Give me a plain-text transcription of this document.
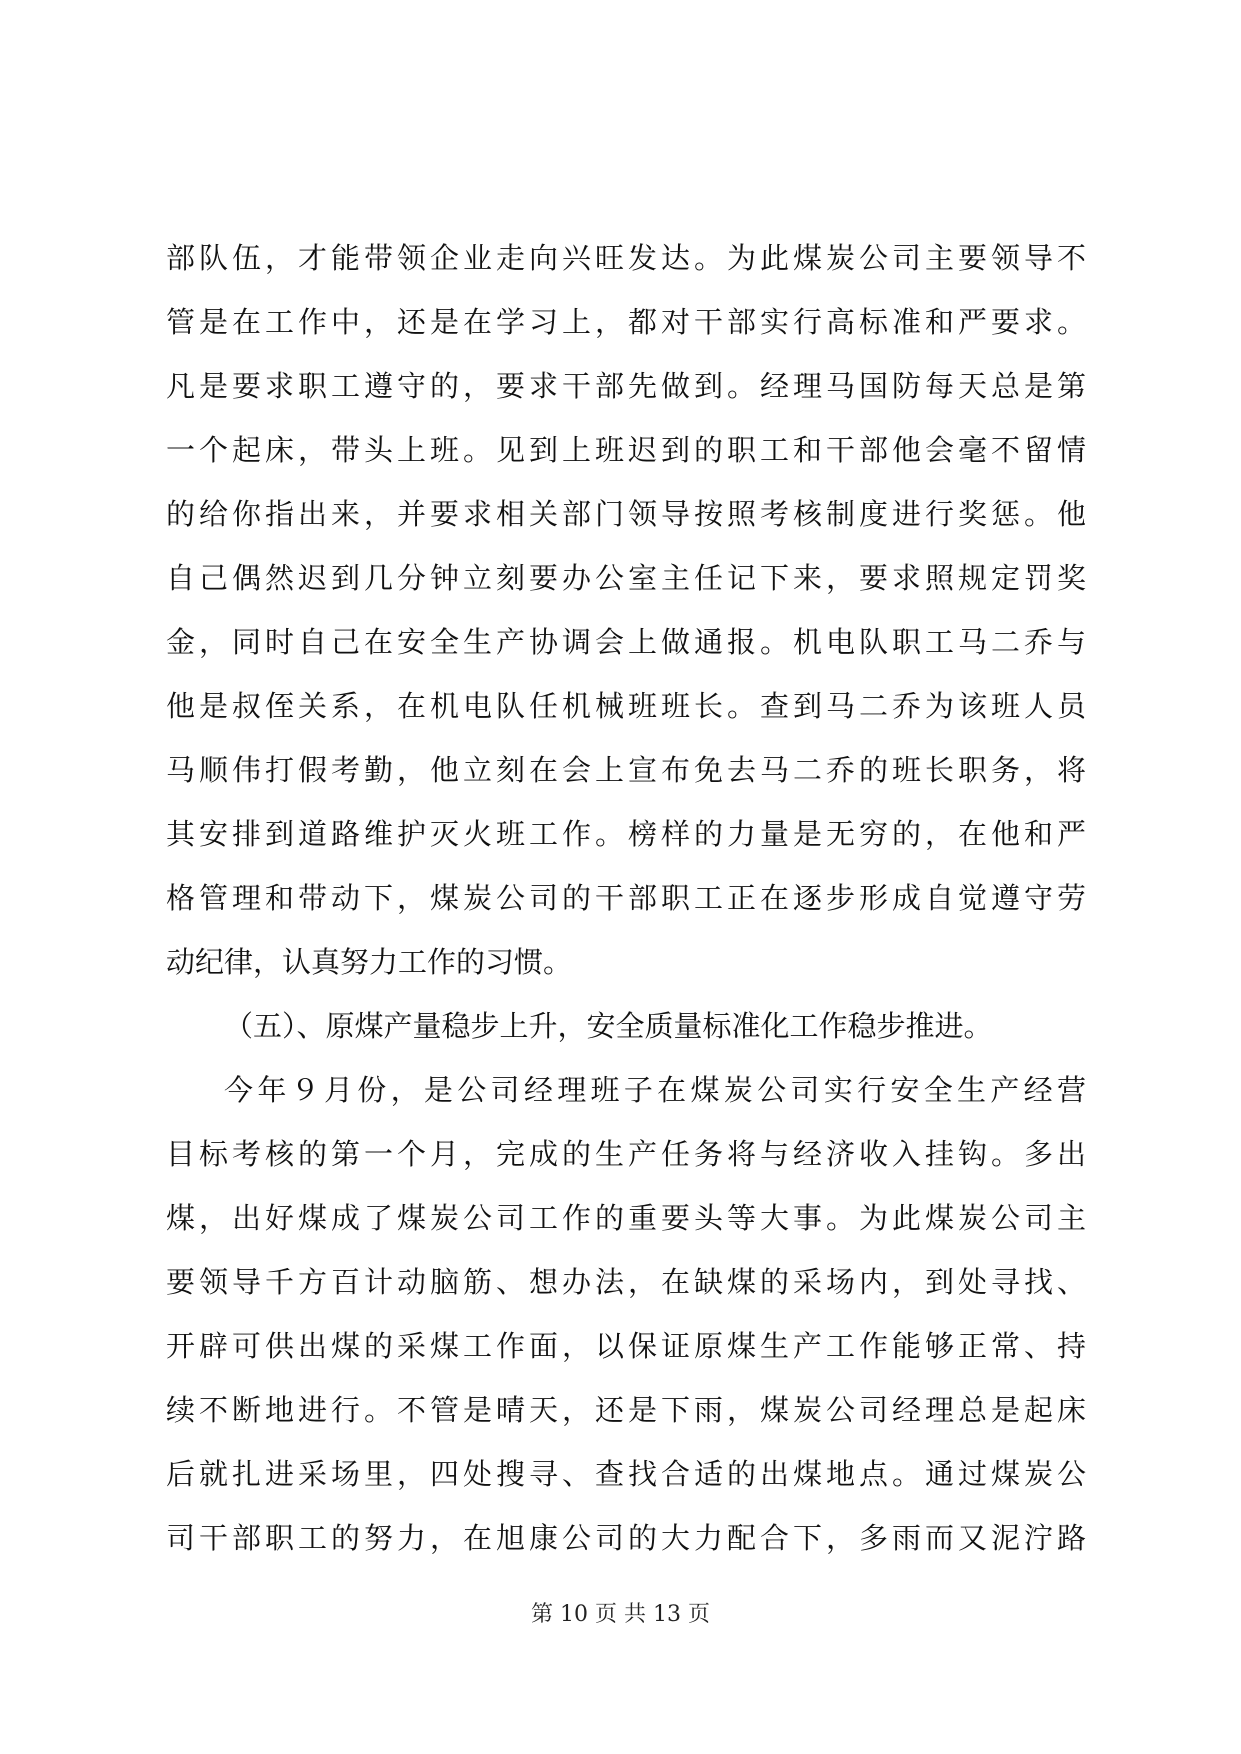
部队伍，才能带领企业走向兴旺发达。为此煤炭公司主要领导不
管是在工作中，还是在学习上，都对干部实行高标准和严要求。
凡是要求职工遵守的，要求干部先做到。经理马国防每天总是第
一个起床，带头上班。见到上班迟到的职工和干部他会毫不留情
的给你指出来，并要求相关部门领导按照考核制度进行奖惩。他
自己偶然迟到几分钟立刻要办公室主任记下来，要求照规定罚奖
金，同时自己在安全生产协调会上做通报。机电队职工马二乔与
他是叔侄关系，在机电队任机械班班长。查到马二乔为该班人员
马顺伟打假考勤，他立刻在会上宣布免去马二乔的班长职务，将
其安排到道路维护灭火班工作。榜样的力量是无穷的，在他和严
格管理和带动下，煤炭公司的干部职工正在逐步形成自觉遵守劳
动纪律，认真努力工作的习惯。
（五）、原煤产量稳步上升，安全质量标准化工作稳步推进。
今年９月份，是公司经理班子在煤炭公司实行安全生产经营
目标考核的第一个月，完成的生产任务将与经济收入挂钩。多出
煤，出好煤成了煤炭公司工作的重要头等大事。为此煤炭公司主
要领导千方百计动脑筋、想办法，在缺煤的采场内，到处寻找、
开辟可供出煤的采煤工作面，以保证原煤生产工作能够正常、持
续不断地进行。不管是晴天，还是下雨，煤炭公司经理总是起床
后就扎进采场里，四处搜寻、查找合适的出煤地点。通过煤炭公
司干部职工的努力，在旭康公司的大力配合下，多雨而又泥泞路
第 10 页 共 13 页
